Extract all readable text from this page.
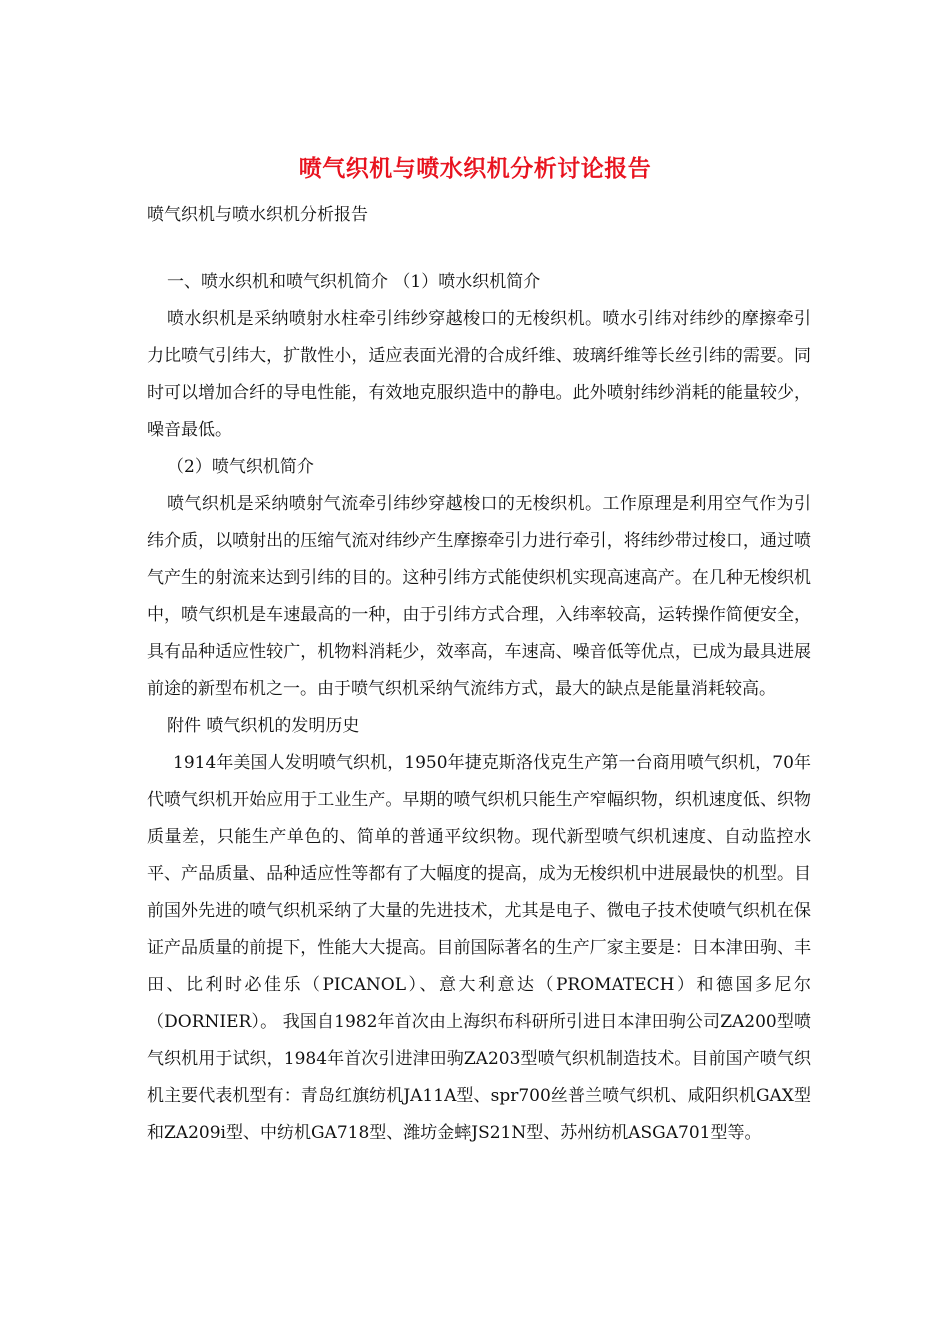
喷气织机与喷水织机分析讨论报告
喷气织机与喷水织机分析报告

一、喷水织机和喷气织机简介 （1）喷水织机简介

喷水织机是采纳喷射水柱牵引纬纱穿越梭口的无梭织机。喷水引纬对纬纱的摩擦牵引力比喷气引纬大，扩散性小，适应表面光滑的合成纤维、玻璃纤维等长丝引纬的需要。同时可以增加合纤的导电性能，有效地克服织造中的静电。此外喷射纬纱消耗的能量较少，噪音最低。

（2）喷气织机简介

喷气织机是采纳喷射气流牵引纬纱穿越梭口的无梭织机。工作原理是利用空气作为引纬介质，以喷射出的压缩气流对纬纱产生摩擦牵引力进行牵引，将纬纱带过梭口，通过喷气产生的射流来达到引纬的目的。这种引纬方式能使织机实现高速高产。在几种无梭织机中，喷气织机是车速最高的一种，由于引纬方式合理，入纬率较高，运转操作简便安全，具有品种适应性较广，机物料消耗少，效率高，车速高、噪音低等优点，已成为最具进展前途的新型布机之一。由于喷气织机采纳气流纬方式，最大的缺点是能量消耗较高。

附件 喷气织机的发明历史

1914年美国人发明喷气织机，1950年捷克斯洛伐克生产第一台商用喷气织机，70年代喷气织机开始应用于工业生产。早期的喷气织机只能生产窄幅织物，织机速度低、织物质量差，只能生产单色的、简单的普通平纹织物。现代新型喷气织机速度、自动监控水平、产品质量、品种适应性等都有了大幅度的提高，成为无梭织机中进展最快的机型。目前国外先进的喷气织机采纳了大量的先进技术，尤其是电子、微电子技术使喷气织机在保证产品质量的前提下，性能大大提高。目前国际著名的生产厂家主要是：日本津田驹、丰田、比利时必佳乐（PICANOL）、意大利意达（PROMATECH）和德国多尼尔（DORNIER）。 我国自1982年首次由上海织布科研所引进日本津田驹公司ZA200型喷气织机用于试织，1984年首次引进津田驹ZA203型喷气织机制造技术。目前国产喷气织机主要代表机型有：青岛红旗纺机JA11A型、spr700丝普兰喷气织机、咸阳织机GAX型和ZA209i型、中纺机GA718型、潍坊金蟀JS21N型、苏州纺机ASGA701型等。
